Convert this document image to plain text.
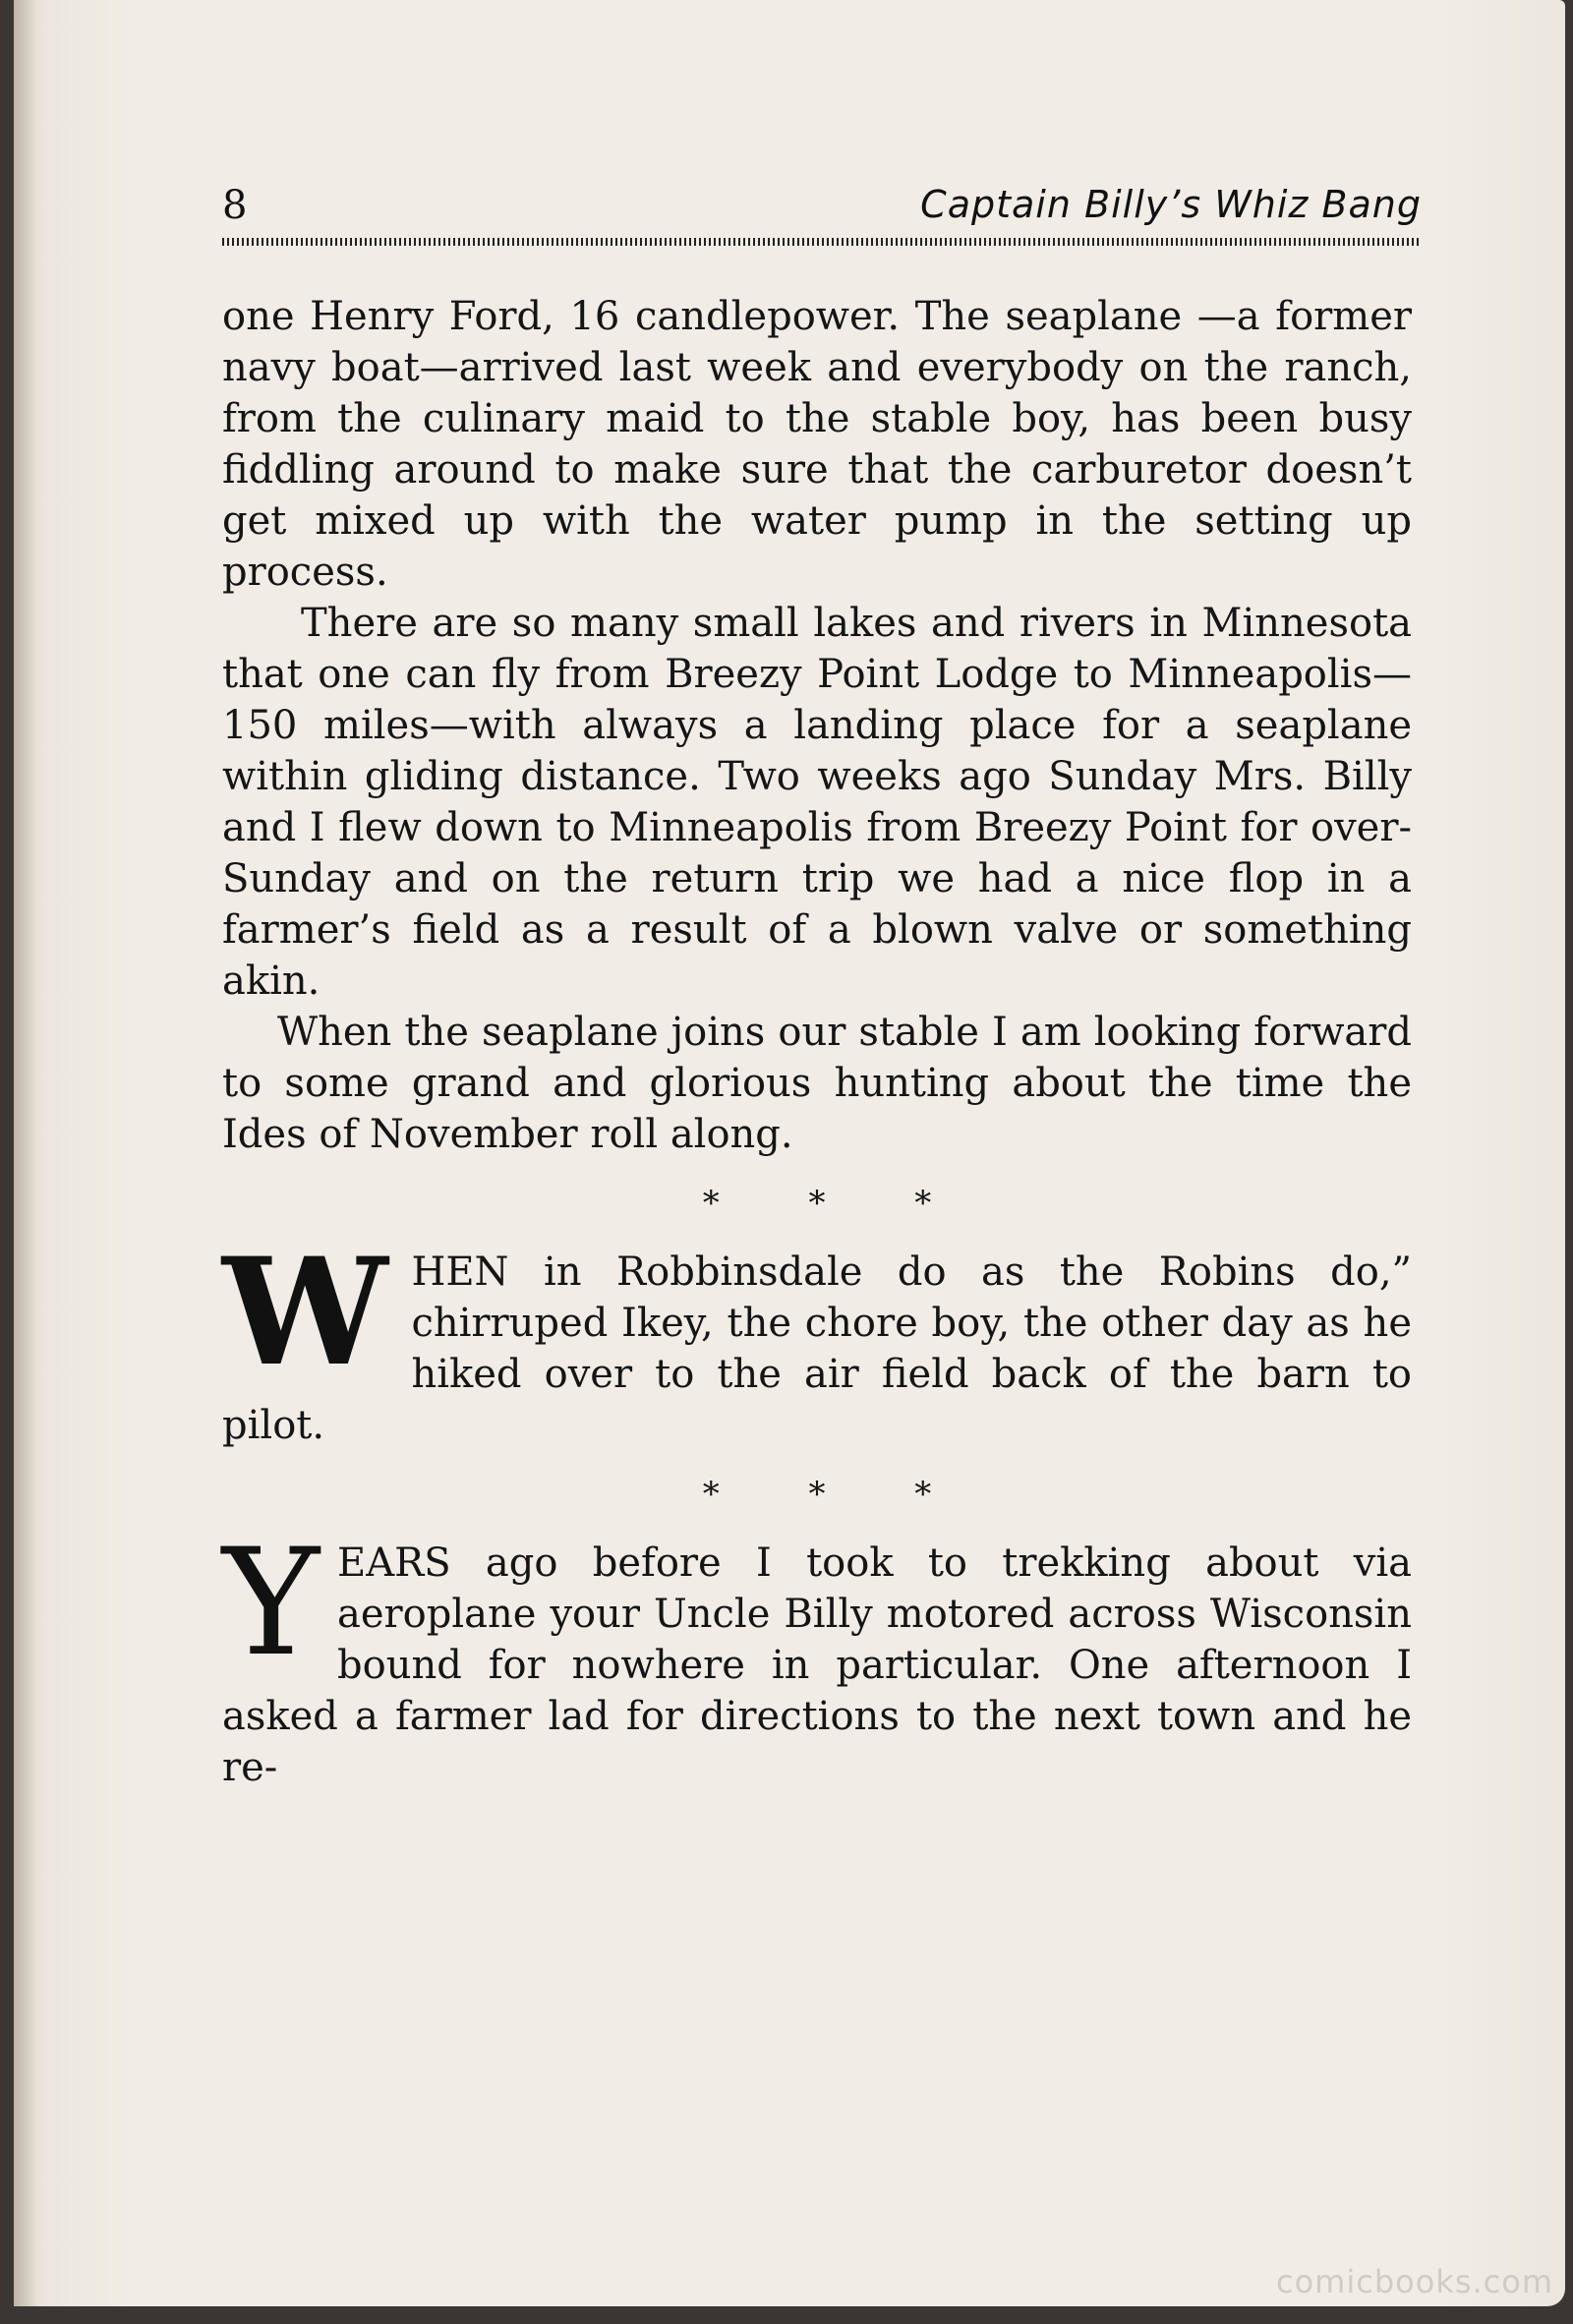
8	Captain Billy’s Whiz Bang

one Henry Ford, 16 candlepower. The seaplane —a former navy boat—arrived last week and everybody on the ranch, from the culinary maid to the stable boy, has been busy fiddling around to make sure that the carburetor doesn’t get mixed up with the water pump in the setting up process.

There are so many small lakes and rivers in Minnesota that one can fly from Breezy Point Lodge to Minneapolis—150 miles—with always a landing place for a seaplane within gliding distance. Two weeks ago Sunday Mrs. Billy and I flew down to Minneapolis from Breezy Point for over-Sunday and on the return trip we had a nice flop in a farmer’s field as a result of a blown valve or something akin.

When the seaplane joins our stable I am looking forward to some grand and glorious hunting about the time the Ides of November roll along.

* * *

W HEN in Robbinsdale do as the Robins do,” chirruped Ikey, the chore boy, the other day as he hiked over to the air field back of the barn to pilot.

* * *

Y EARS ago before I took to trekking about via aeroplane your Uncle Billy motored across Wisconsin bound for nowhere in particular. One afternoon I asked a farmer lad for directions to the next town and he re-

comicbooks.com
